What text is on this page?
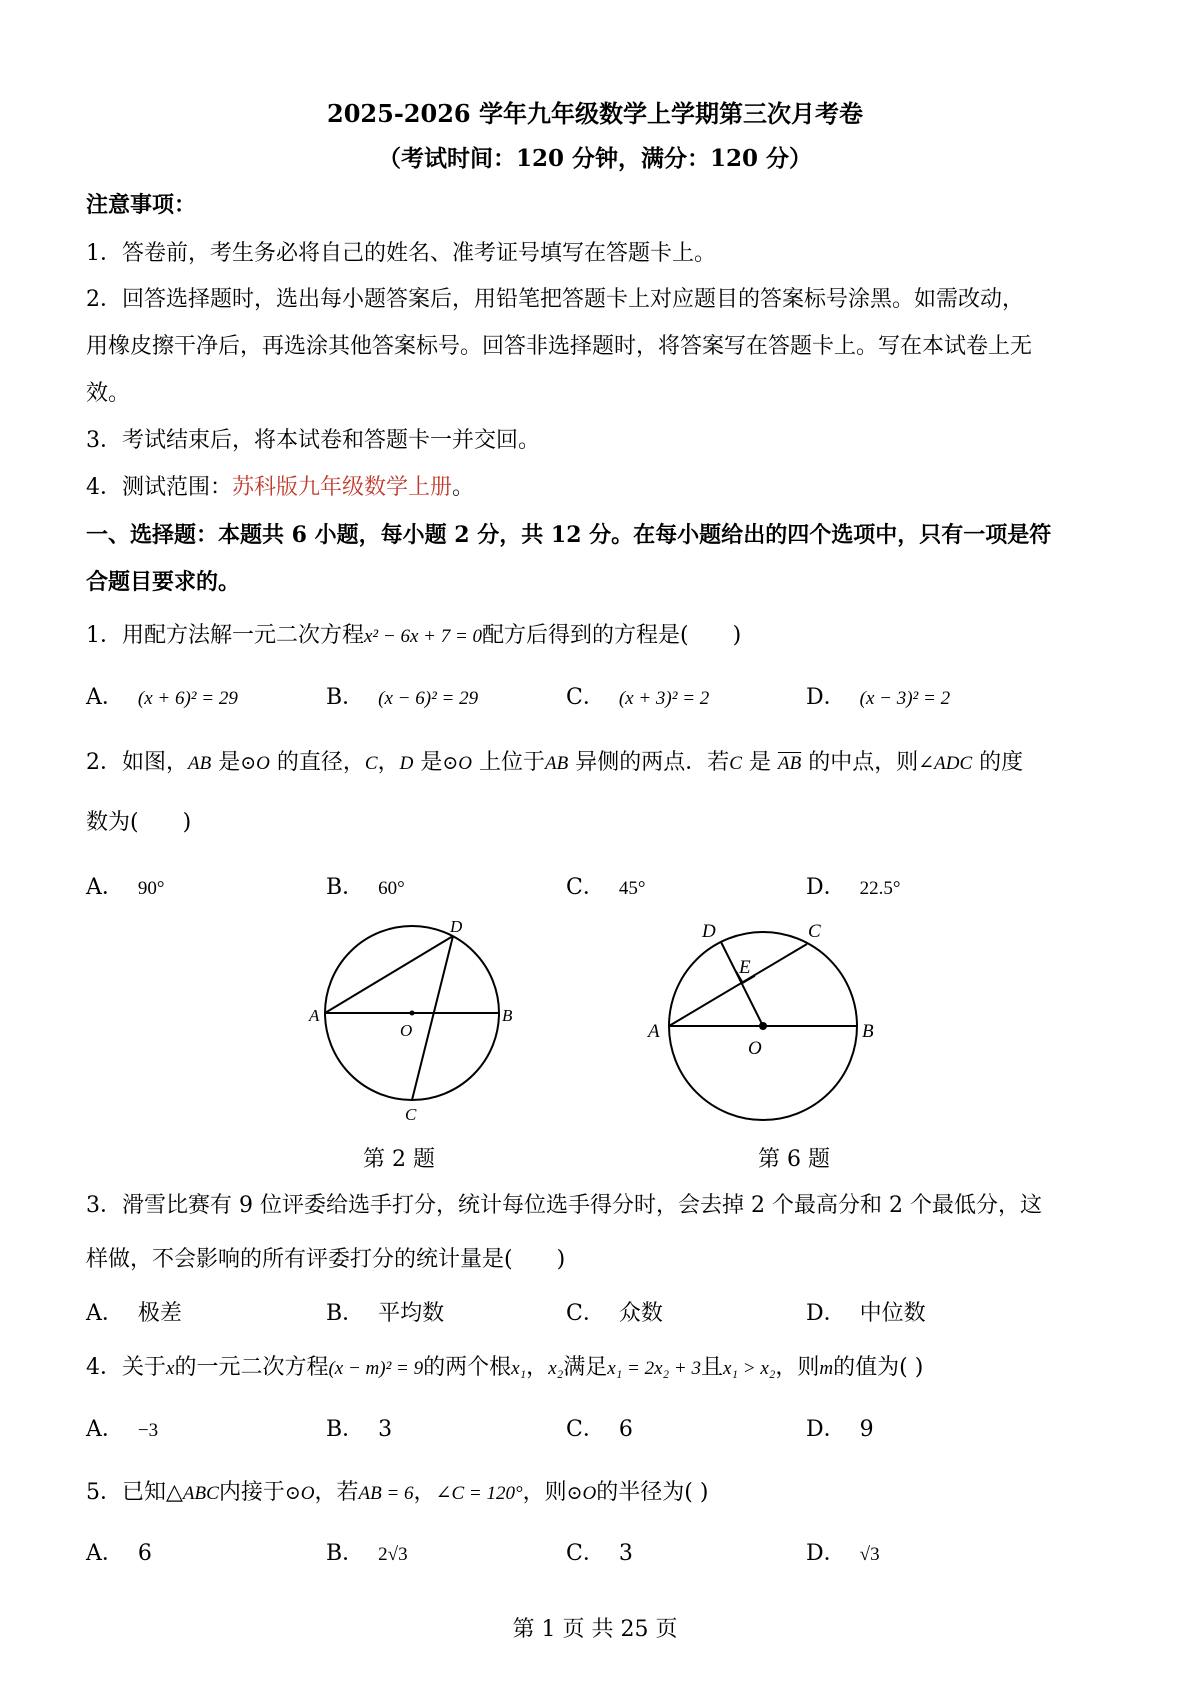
2025-2026 学年九年级数学上学期第三次月考卷
（考试时间：120 分钟，满分：120 分）
注意事项：
1．答卷前，考生务必将自己的姓名、准考证号填写在答题卡上。
2．回答选择题时，选出每小题答案后，用铅笔把答题卡上对应题目的答案标号涂黑。如需改动，
用橡皮擦干净后，再选涂其他答案标号。回答非选择题时，将答案写在答题卡上。写在本试卷上无
效。
3．考试结束后，将本试卷和答题卡一并交回。
4．测试范围：苏科版九年级数学上册。
一、选择题：本题共 6 小题，每小题 2 分，共 12 分。在每小题给出的四个选项中，只有一项是符
合题目要求的。
1．用配方法解一元二次方程x² − 6x + 7 = 0配方后得到的方程是(　　)
A． (x + 6)² = 29	B． (x − 6)² = 29	C． (x + 3)² = 2	D． (x − 3)² = 2
2．如图，AB 是⊙O 的直径，C，D 是⊙O 上位于AB 异侧的两点．若C 是 $\overline{AB}$ 的中点，则∠ADC 的度
数为(　　)
A． 90°	B． 60°	C． 45°	D． 22.5°
A	B
O
D
C
第 2 题
A	B
O
D	C
E
第 6 题
3．滑雪比赛有 9 位评委给选手打分，统计每位选手得分时，会去掉 2 个最高分和 2 个最低分，这
样做，不会影响的所有评委打分的统计量是(　　)
A． 极差	B． 平均数	C． 众数	D． 中位数
4．关于x的一元二次方程(x − m)² = 9的两个根x₁，x₂满足x₁ = 2x₂ + 3且x₁ > x₂，则m的值为( )
A． −3	B． 3	C． 6	D． 9
5．已知△ABC内接于⊙O，若AB = 6，∠C = 120°，则⊙O的半径为( )
A． 6	B． 2√3	C． 3	D． √3
第 1 页 共 25 页
